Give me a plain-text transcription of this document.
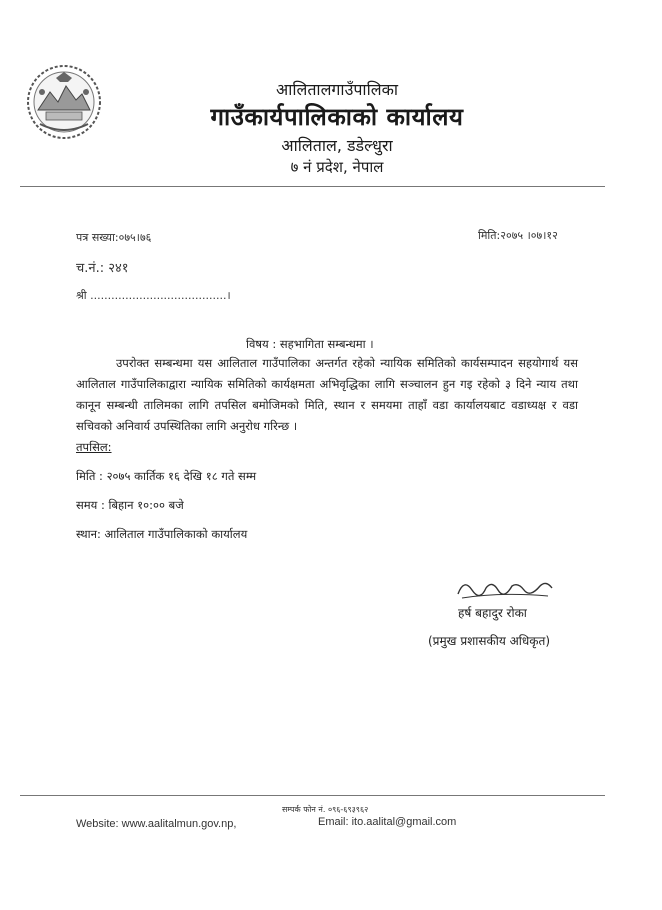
आलितालगाउँपालिका
गाउँकार्यपालिकाको कार्यालय
आलिताल, डडेल्धुरा
७ नं प्रदेश, नेपाल
पत्र सख्या:०७५।७६	मिति:२०७५ ।०७।१२
च.नं.: २४१
श्री .......................................।
विषय : सहभागिता सम्बन्धमा ।
उपरोक्त सम्बन्धमा यस आलिताल गाउँपालिका अन्तर्गत रहेको न्यायिक समितिको कार्यसम्पादन सहयोगार्थ यस आलिताल गाउँपालिकाद्वारा न्यायिक समितिको कार्यक्षमता अभिवृद्धिका लागि सञ्चालन हुन गइ रहेको ३ दिने न्याय तथा कानून सम्बन्धी तालिमका लागि तपसिल बमोजिमको मिति, स्थान र समयमा ताहाँ वडा कार्यालयबाट वडाध्यक्ष र वडा सचिवको अनिवार्य उपस्थितिका लागि अनुरोध गरिन्छ ।
तपसिल:
मिति : २०७५ कार्तिक १६ देखि १८ गते सम्म
समय : बिहान १०:०० बजे
स्थान: आलिताल गाउँपालिकाको कार्यालय
हर्ष बहादुर रोका
(प्रमुख प्रशासकीय अधिकृत)
सम्पर्क फोन नं. ०९६-६९३९६२
Website: www.aalitalmun.gov.np,	Email: ito.aalital@gmail.com
